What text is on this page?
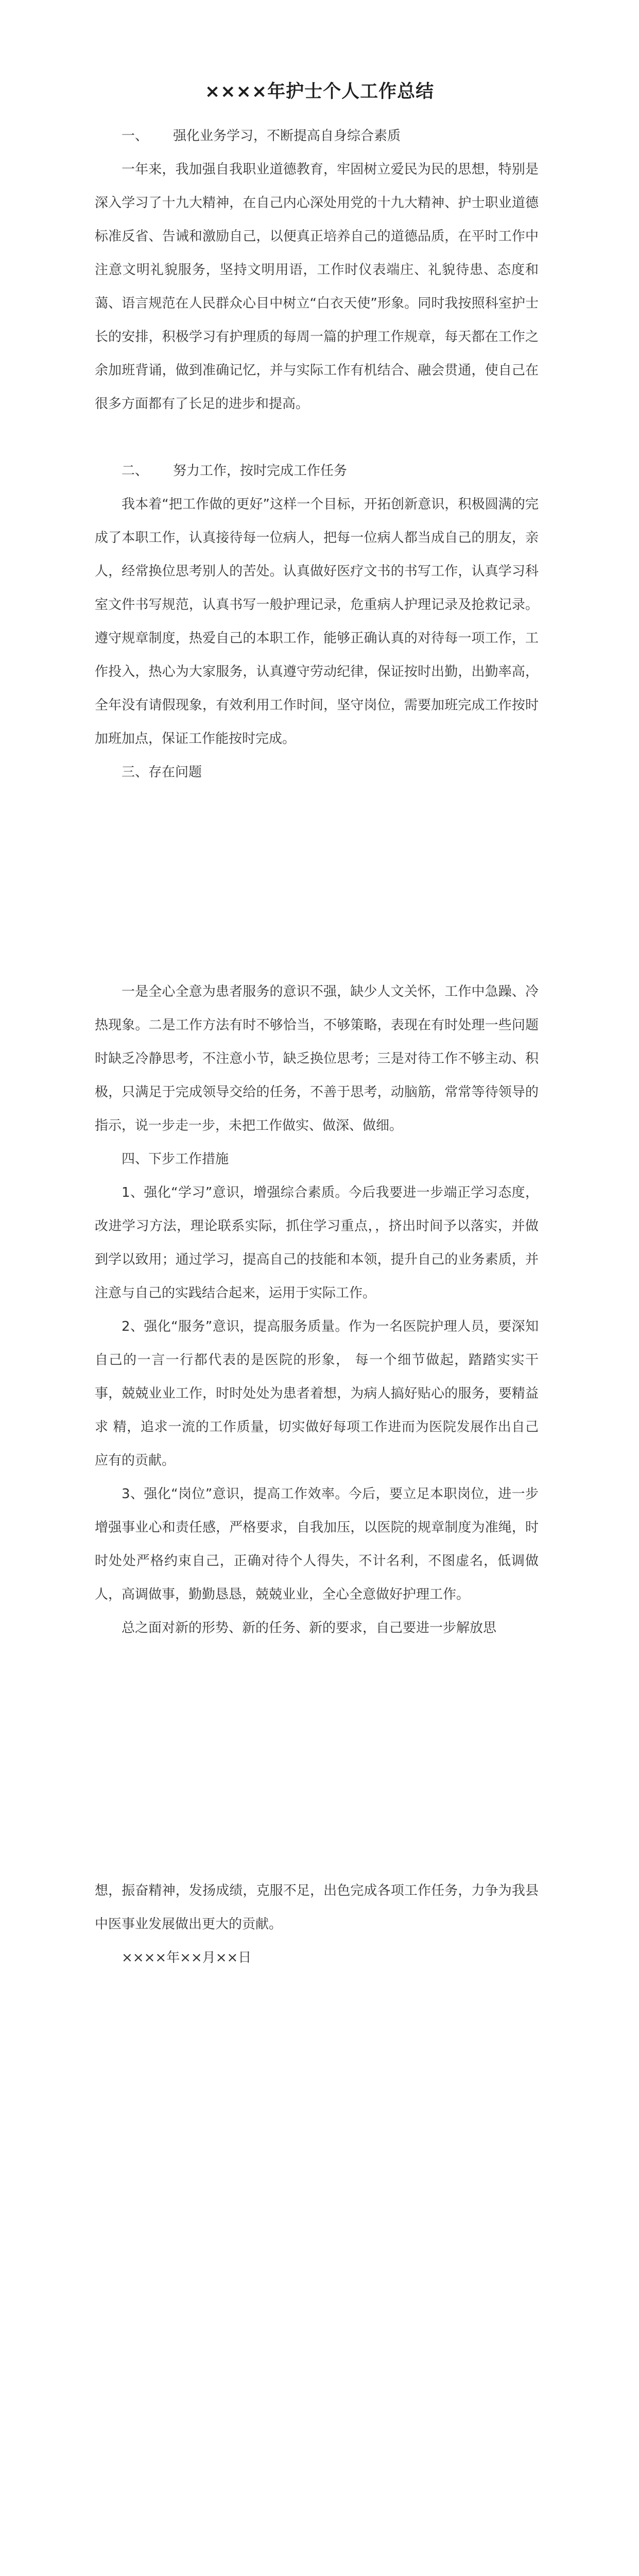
××××年护士个人工作总结

一、 强化业务学习，不断提高自身综合素质

一年来，我加强自我职业道德教育，牢固树立爱民为民的思想，特别是深入学习了十九大精神，在自己内心深处用党的十九大精神、护士职业道德标准反省、告诫和激励自己，以便真正培养自己的道德品质，在平时工作中注意文明礼貌服务，坚持文明用语，工作时仪表端庄、礼貌待患、态度和蔼、语言规范在人民群众心目中树立“白衣天使”形象。同时我按照科室护士长的安排，积极学习有护理质的每周一篇的护理工作规章，每天都在工作之余加班背诵，做到准确记忆，并与实际工作有机结合、融会贯通，使自己在很多方面都有了长足的进步和提高。

二、 努力工作，按时完成工作任务

我本着“把工作做的更好”这样一个目标，开拓创新意识，积极圆满的完成了本职工作，认真接待每一位病人，把每一位病人都当成自己的朋友，亲人，经常换位思考别人的苦处。认真做好医疗文书的书写工作，认真学习科室文件书写规范，认真书写一般护理记录，危重病人护理记录及抢救记录。遵守规章制度，热爱自己的本职工作，能够正确认真的对待每一项工作，工作投入，热心为大家服务，认真遵守劳动纪律，保证按时出勤，出勤率高，全年没有请假现象，有效利用工作时间，坚守岗位，需要加班完成工作按时加班加点，保证工作能按时完成。

三、存在问题

一是全心全意为患者服务的意识不强，缺少人文关怀，工作中急躁、冷热现象。二是工作方法有时不够恰当，不够策略，表现在有时处理一些问题时缺乏冷静思考，不注意小节，缺乏换位思考；三是对待工作不够主动、积极，只满足于完成领导交给的任务，不善于思考，动脑筋，常常等待领导的指示，说一步走一步，未把工作做实、做深、做细。

四、下步工作措施

1、强化“学习”意识，增强综合素质。今后我要进一步端正学习态度，改进学习方法，理论联系实际，抓住学习重点，，挤出时间予以落实，并做到学以致用；通过学习，提高自己的技能和本领，提升自己的业务素质，并注意与自己的实践结合起来，运用于实际工作。

2、强化“服务”意识，提高服务质量。作为一名医院护理人员，要深知自己的一言一行都代表的是医院的形象， 每一个细节做起，踏踏实实干事，兢兢业业工作，时时处处为患者着想，为病人搞好贴心的服务，要精益求 精，追求一流的工作质量，切实做好每项工作进而为医院发展作出自己应有的贡献。

3、强化“岗位”意识，提高工作效率。今后，要立足本职岗位，进一步增强事业心和责任感，严格要求，自我加压，以医院的规章制度为准绳，时时处处严格约束自己，正确对待个人得失，不计名利，不图虚名，低调做人，高调做事，勤勤恳恳，兢兢业业，全心全意做好护理工作。

总之面对新的形势、新的任务、新的要求，自己要进一步解放思

想，振奋精神，发扬成绩，克服不足，出色完成各项工作任务，力争为我县中医事业发展做出更大的贡献。

××××年××月××日
